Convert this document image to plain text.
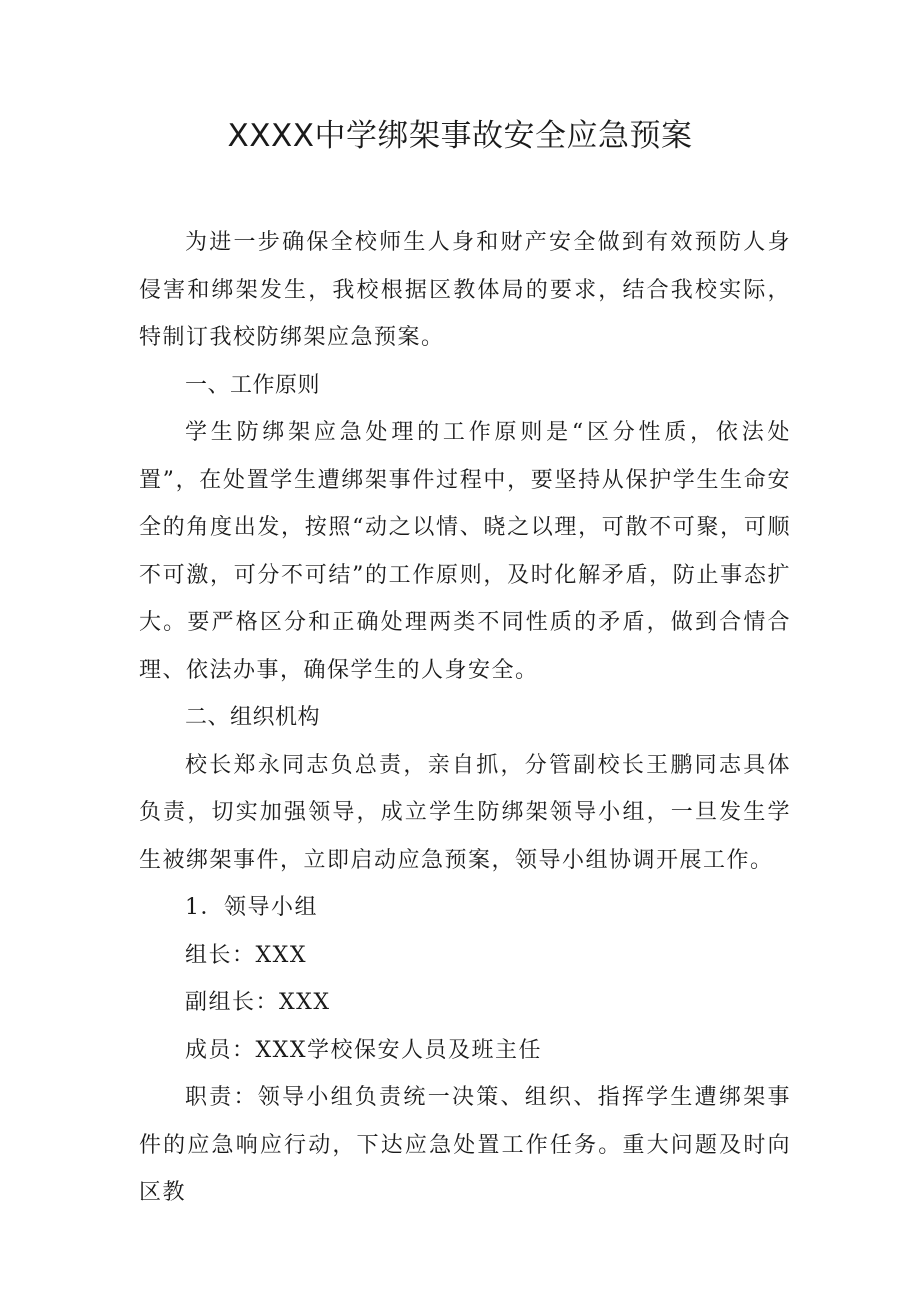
XXXX中学绑架事故安全应急预案

为进一步确保全校师生人身和财产安全做到有效预防人身侵害和绑架发生，我校根据区教体局的要求，结合我校实际，特制订我校防绑架应急预案。

一、工作原则

学生防绑架应急处理的工作原则是“区分性质，依法处置”，在处置学生遭绑架事件过程中，要坚持从保护学生生命安全的角度出发，按照“动之以情、晓之以理，可散不可聚，可顺不可激，可分不可结”的工作原则，及时化解矛盾，防止事态扩大。要严格区分和正确处理两类不同性质的矛盾，做到合情合理、依法办事，确保学生的人身安全。

二、组织机构

校长郑永同志负总责，亲自抓，分管副校长王鹏同志具体负责，切实加强领导，成立学生防绑架领导小组，一旦发生学生被绑架事件，立即启动应急预案，领导小组协调开展工作。

1．领导小组

组长：XXX

副组长：XXX

成员：XXX学校保安人员及班主任

职责：领导小组负责统一决策、组织、指挥学生遭绑架事件的应急响应行动，下达应急处置工作任务。重大问题及时向区教
